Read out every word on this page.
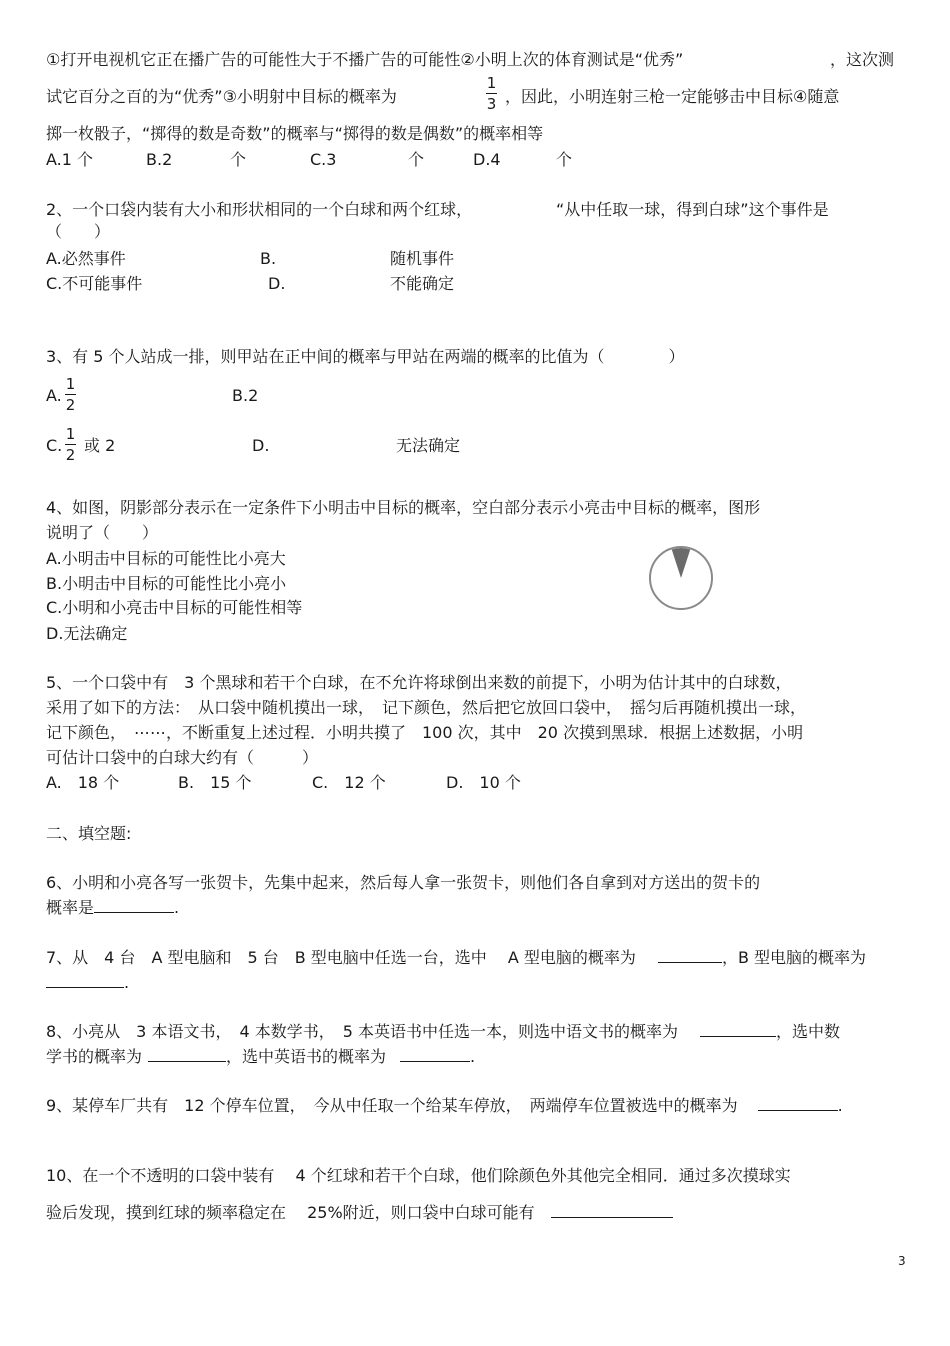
①打开电视机它正在播广告的可能性大于不播广告的可能性②小明上次的体育测试是“优秀”	，这次测
试它百分之百的为“优秀”③小明射中目标的概率为
1
3 ，因此，小明连射三枪一定能够击中目标④随意
掷一枚骰子，“掷得的数是奇数”的概率与“掷得的数是偶数”的概率相等
A.1 个	B.2	个	C.3	个	D.4	个
2、一个口袋内装有大小和形状相同的一个白球和两个红球，	“从中任取一球，得到白球”这个事件是
（　　）
A.必然事件	B.	随机事件
C.不可能事件	D.	不能确定
3、有 5 个人站成一排，则甲站在正中间的概率与甲站在两端的概率的比值为（　　　　）
A.
1
2	B.2
C.
1
2 或 2	D.	无法确定
4、如图，阴影部分表示在一定条件下小明击中目标的概率，空白部分表示小亮击中目标的概率，图形
说明了（　　）
A.小明击中目标的可能性比小亮大
B.小明击中目标的可能性比小亮小
C.小明和小亮击中目标的可能性相等
D.无法确定
5、一个口袋中有　3 个黑球和若干个白球，在不允许将球倒出来数的前提下，小明为估计其中的白球数，
采用了如下的方法：　从口袋中随机摸出一球，　记下颜色，然后把它放回口袋中，　摇匀后再随机摸出一球，
记下颜色，　⋯⋯，不断重复上述过程．小明共摸了　100 次，其中　20 次摸到黑球．根据上述数据，小明
可估计口袋中的白球大约有（　　　）
A.　18 个	B.　15 个	C.　12 个	D.　10 个
二、填空题:
6、小明和小亮各写一张贺卡，先集中起来，然后每人拿一张贺卡，则他们各自拿到对方送出的贺卡的
概率是	.
7、从　4 台　A 型电脑和　5 台　B 型电脑中任选一台，选中　 A 型电脑的概率为	，B 型电脑的概率为
.
8、小亮从　3 本语文书，　4 本数学书，　5 本英语书中任选一本，则选中语文书的概率为	，选中数
学书的概率为	，选中英语书的概率为	.
9、某停车厂共有　12 个停车位置，　今从中任取一个给某车停放，　两端停车位置被选中的概率为	.
10、在一个不透明的口袋中装有　 4 个红球和若干个白球，他们除颜色外其他完全相同．通过多次摸球实
验后发现，摸到红球的频率稳定在　 25%附近，则口袋中白球可能有
3
